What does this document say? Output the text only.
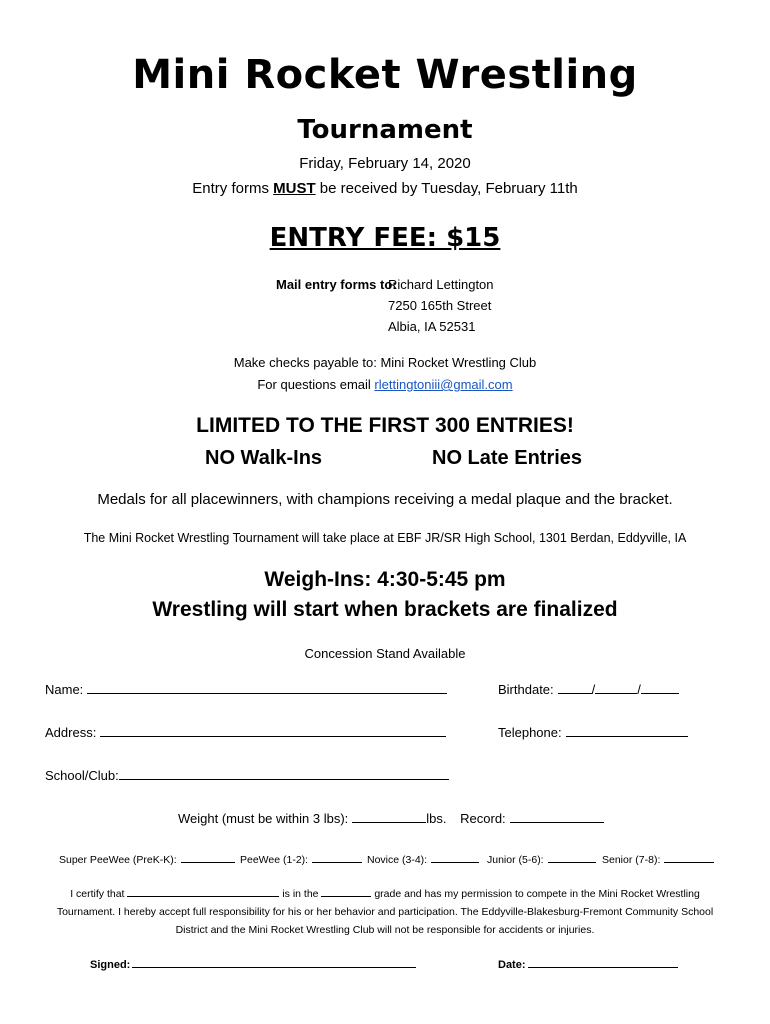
Mini Rocket Wrestling
Tournament
Friday, February 14, 2020
Entry forms MUST be received by Tuesday, February 11th
ENTRY FEE: $15
Mail entry forms to:
Richard Lettington
7250 165th Street
Albia, IA 52531
Make checks payable to: Mini Rocket Wrestling Club
For questions email rlettingtoniii@gmail.com
LIMITED TO THE FIRST 300 ENTRIES!
NO Walk-Ins	NO Late Entries
Medals for all placewinners, with champions receiving a medal plaque and the bracket.
The Mini Rocket Wrestling Tournament will take place at EBF JR/SR High School, 1301 Berdan, Eddyville, IA
Weigh-Ins: 4:30-5:45 pm
Wrestling will start when brackets are finalized
Concession Stand Available
Name:	Birthdate:	/	/
Address:	Telephone:
School/Club:
Weight (must be within 3 lbs):	lbs. Record:
Super PeeWee (PreK-K):	PeeWee (1-2):	Novice (3-4):	Junior (5-6):	Senior (7-8):
I certify that	is in the	grade and has my permission to compete in the Mini Rocket Wrestling Tournament. I hereby accept full responsibility for his or her behavior and participation. The Eddyville-Blakesburg-Fremont Community School District and the Mini Rocket Wrestling Club will not be responsible for accidents or injuries.
Signed:	Date:
